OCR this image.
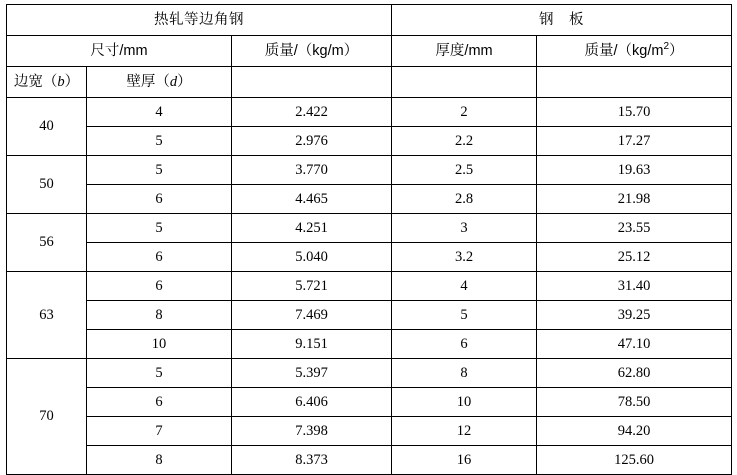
热轧等边角钢			钢　板	
尺寸/mm		质量/（kg/m）	厚度/mm	质量$/(kg/m^2)$
边宽（b）	壁厚（d）			
40	4	2.422	2	15.70
	5	2.976	2.2	17.27
50	5	3.770	2.5	19.63
	6	4.465	2.8	21.98
56	5	4.251	3	23.55
	6	5.040	3.2	25.12
63	6	5.721	4	31.40
	8	7.469	5	39.25
	10	9.151	6	47.10
70	5	5.397	8	62.80
	6	6.406	10	78.50
	7	7.398	12	94.20
	8	8.373	16	125.60
